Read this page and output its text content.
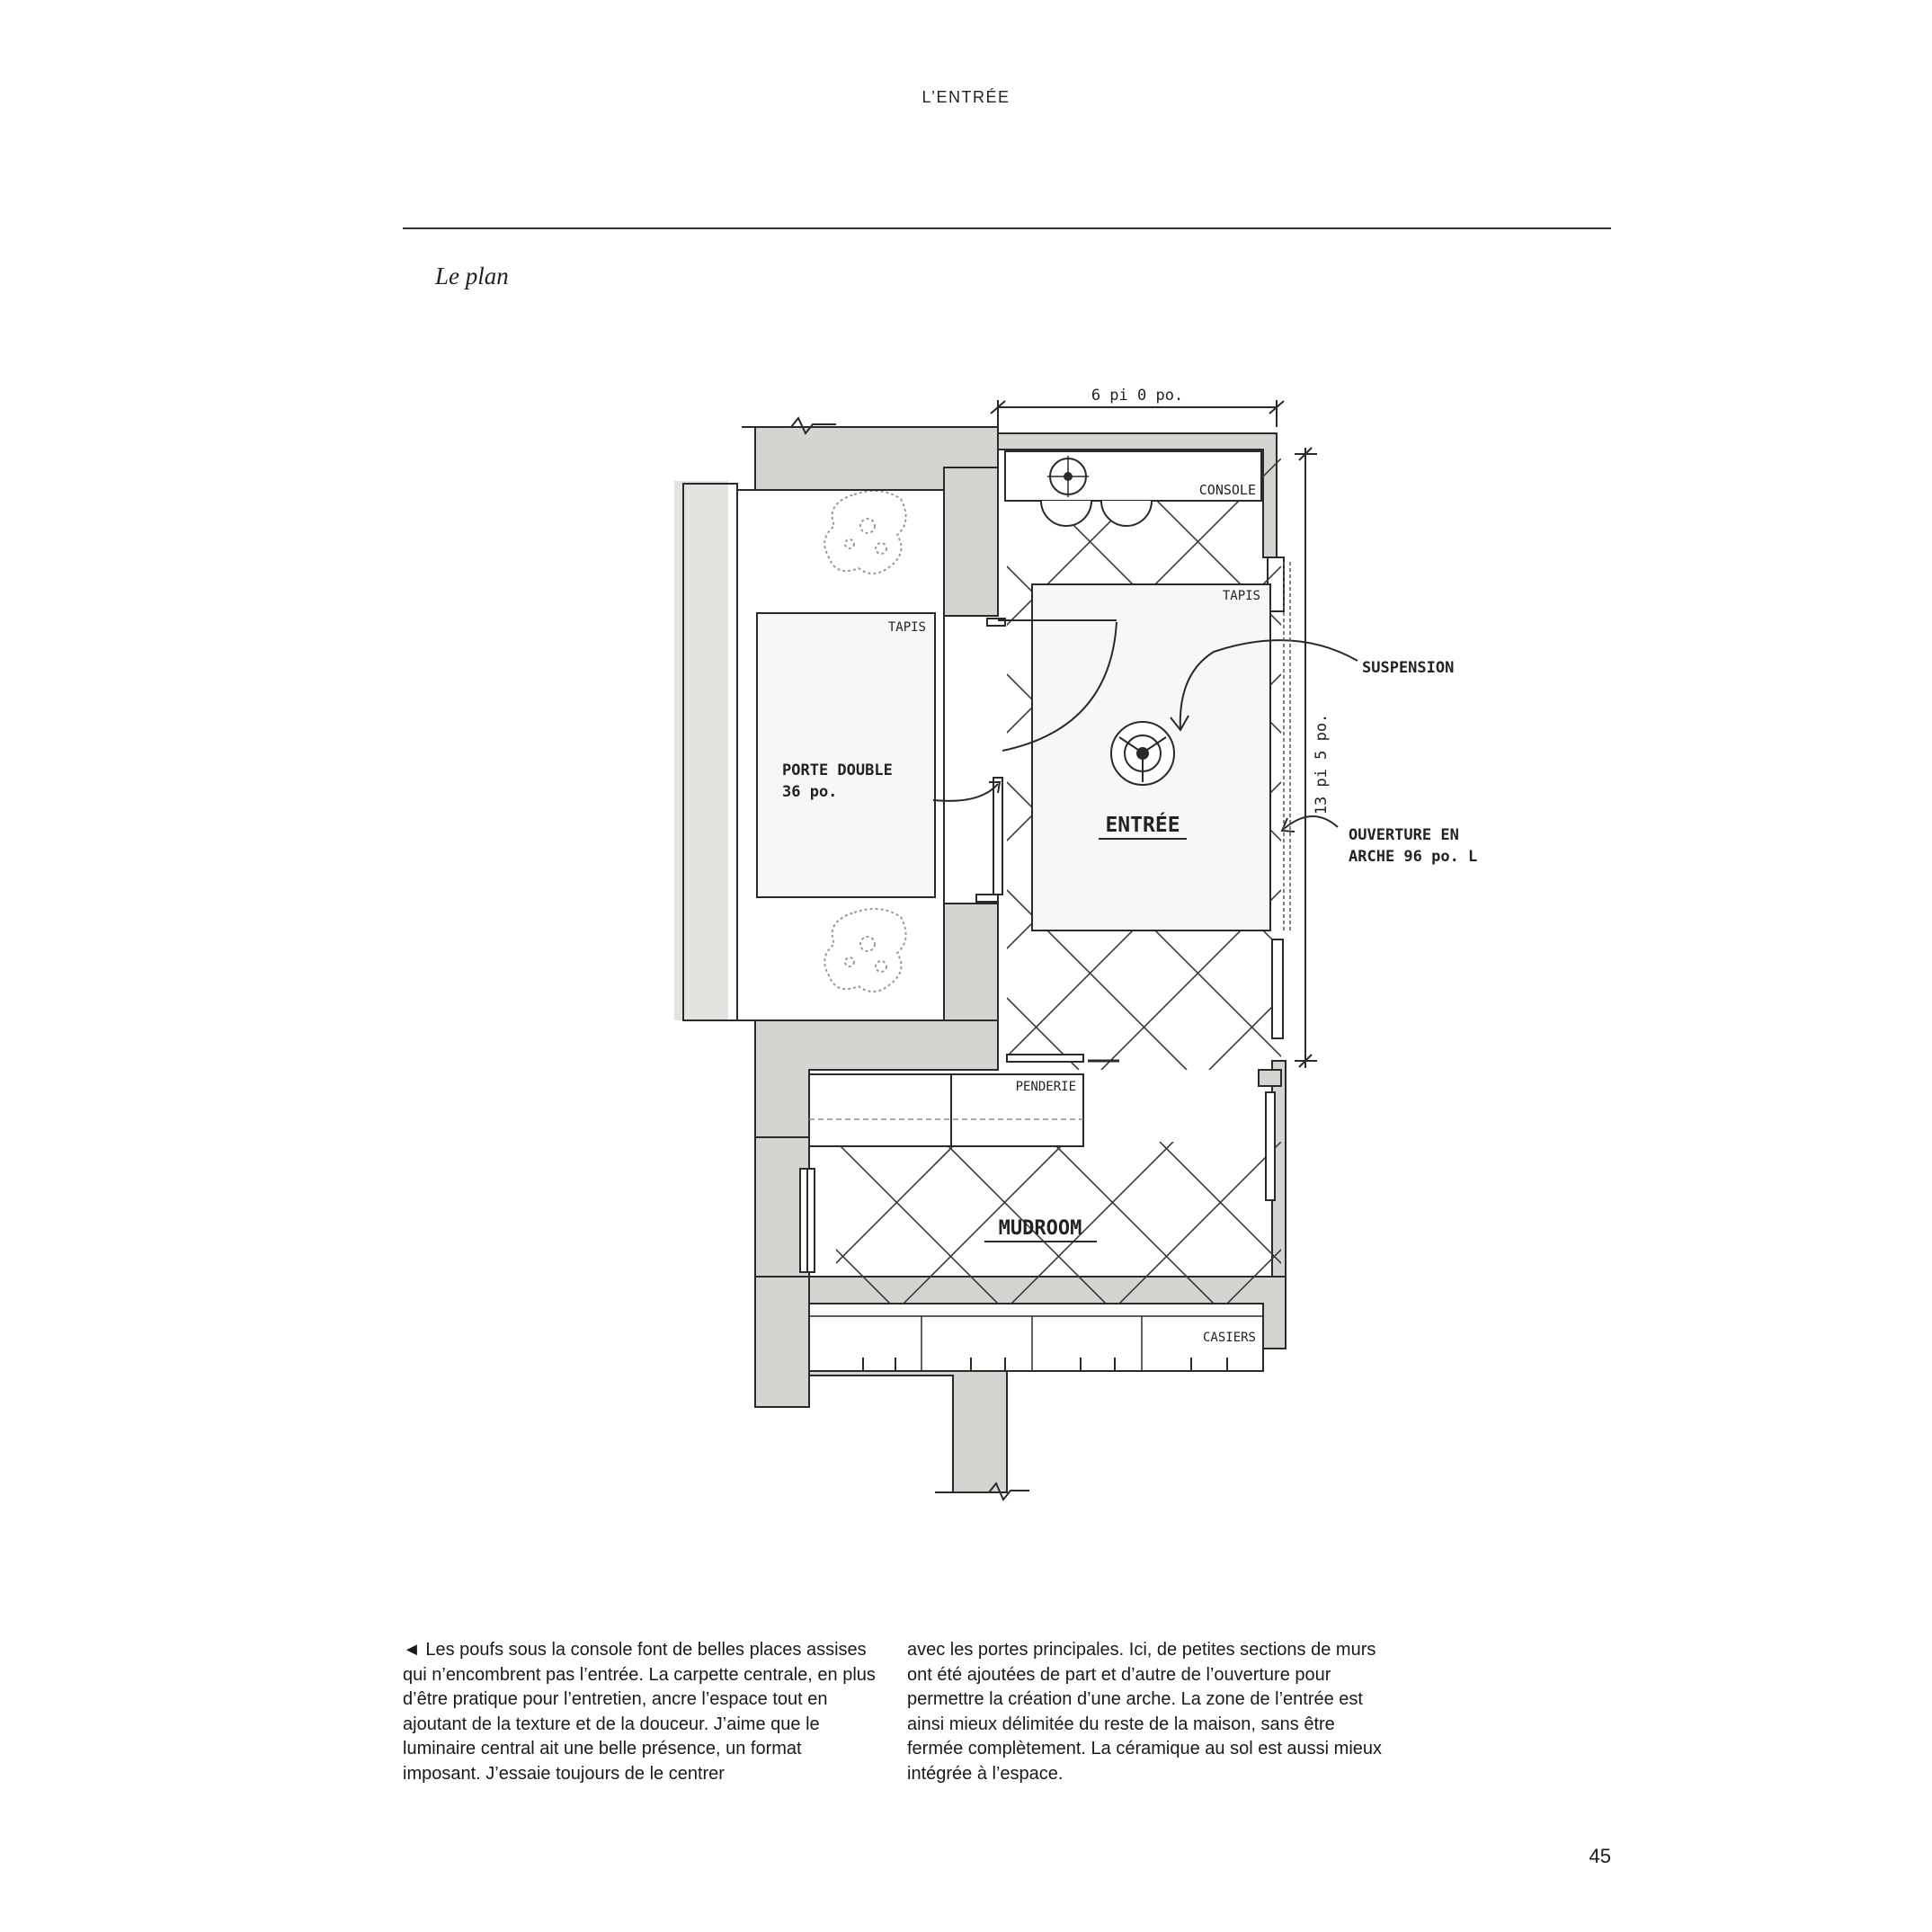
L’ENTRÉE
Le plan
6 pi 0 po.
13 pi 5 po.
CONSOLE
TAPIS
TAPIS
SUSPENSION
PORTE DOUBLE
36 po.
ENTRÉE	OUVERTURE EN
ARCHE 96 po. L
PENDERIE
MUDROOM
CASIERS
◄ Les poufs sous la console font de belles places assises qui n’encombrent pas l’entrée. La carpette centrale, en plus d’être pratique pour l’entretien, ancre l’espace tout en ajoutant de la texture et de la douceur. J’aime que le luminaire central ait une belle présence, un format imposant. J’essaie toujours de le centrer
avec les portes principales. Ici, de petites sections de murs ont été ajoutées de part et d’autre de l’ouverture pour permettre la création d’une arche. La zone de l’entrée est ainsi mieux délimitée du reste de la maison, sans être fermée complètement. La céramique au sol est aussi mieux intégrée à l’espace.
45
